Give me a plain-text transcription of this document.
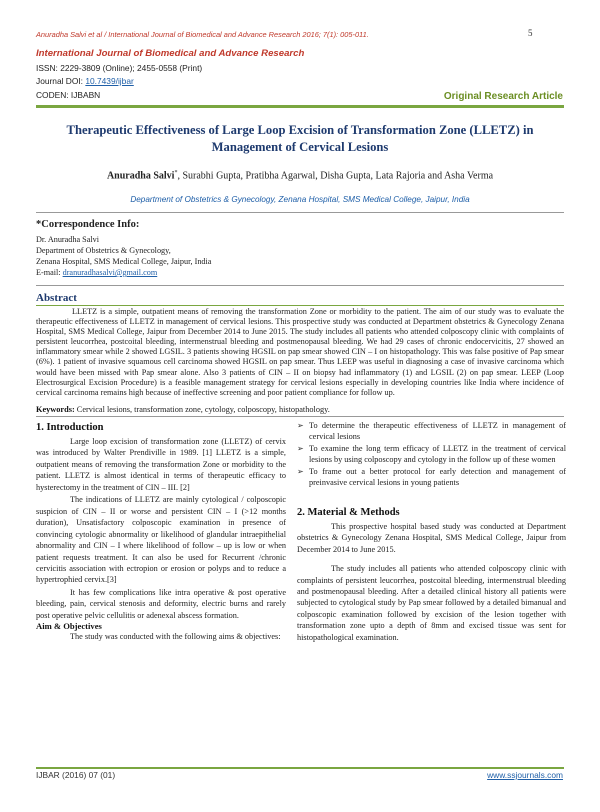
Anuradha Salvi et al / International Journal of Biomedical and Advance Research 2016; 7(1): 005-011.	5
International Journal of Biomedical and Advance Research
ISSN: 2229-3809 (Online); 2455-0558 (Print)
Journal DOI: 10.7439/ijbar
CODEN: IJBABN	Original Research Article
Therapeutic Effectiveness of Large Loop Excision of Transformation Zone (LLETZ) in Management of Cervical Lesions
Anuradha Salvi*, Surabhi Gupta, Pratibha Agarwal, Disha Gupta, Lata Rajoria and Asha Verma
Department of Obstetrics & Gynecology, Zenana Hospital, SMS Medical College, Jaipur, India
*Correspondence Info:
Dr. Anuradha Salvi
Department of Obstetrics & Gynecology,
Zenana Hospital, SMS Medical College, Jaipur, India
E-mail: dranuradhasalvi@gmail.com
Abstract
LLETZ is a simple, outpatient means of removing the transformation Zone or morbidity to the patient. The aim of our study was to evaluate the therapeutic effectiveness of LLETZ in management of cervical lesions. This prospective study was conducted at Department obstetrics & Gynecology Zenana Hospital, SMS Medical College, Jaipur from December 2014 to June 2015. The study includes all patients who attended colposcopy clinic with complaints of persistent leucorrhea, postcoital bleeding, intermenstrual bleeding and postmenopausal bleeding. We had 29 cases of chronic endocervicitis, 27 showed an inflammatory smear while 2 showed LGSIL. 3 patients showing HGSIL on pap smear showed CIN – I on histopathology. This was false positive of Pap smear (6%). 1 patient of invasive squamous cell carcinoma showed HGSIL on pap smear. Thus LEEP was useful in diagnosing a case of invasive carcinoma which would have been missed with Pap smear alone. Also 3 patients of CIN – II on biopsy had inflammatory (1) and LGSIL (2) on pap smear. LEEP (Loop Electrosurgical Excision Procedure) is a feasible management strategy for cervical lesions especially in developing countries like India where incidence of cervical carcinoma remains high because of ineffective screening and poor patient compliance for follow up.
Keywords: Cervical lesions, transformation zone, cytology, colposcopy, histopathology.
1. Introduction

Large loop excision of transformation zone (LLETZ) of cervix was introduced by Walter Prendiville in 1989. [1] LLETZ is a simple, outpatient means of removing the transformation Zone or morbidity to the patient. LLETZ is almost identical in terms of therapeutic efficacy to hysterectomy in the treatment of CIN – III. [2]

The indications of LLETZ are mainly cytological / colposcopic suspicion of CIN – II or worse and persistent CIN – I (>12 months duration), Unsatisfactory colposcopic examination in presence of convincing cytologic abnormality or likelihood of glandular intraepithelial abnormality and CIN – I where likelihood of follow – up is low or when patient requests treatment. It can also be used for Recurrent /chronic cervicitis association with ectropion or erosion or polyps and to reduce a hypertrophied cervix.[3]

It has few complications like intra operative & post operative bleeding, pain, cervical stenosis and deformity, electric burns and rarely post operative pelvic cellulitis or adenexal abscess formation.

Aim & Objectives

The study was conducted with the following aims & objectives:

➢ To determine the therapeutic effectiveness of LLETZ in management of cervical lesions
➢ To examine the long term efficacy of LLETZ in the treatment of cervical lesions by using colposcopy and cytology in the follow up of these women
➢ To frame out a better protocol for early detection and management of preinvasive cervical lesions in young patients
2. Material & Methods

This prospective hospital based study was conducted at Department obstetrics & Gynecology Zenana Hospital, SMS Medical College, Jaipur from December 2014 to June 2015.

The study includes all patients who attended colposcopy clinic with complaints of persistent leucorrhea, postcoital bleeding, intermenstrual bleeding and postmenopausal bleeding. After a detailed clinical history all patients were subjected to cytological study by Pap smear followed by a detailed bimanual and colposcopic examination followed by excision of the lesion together with transformation zone upto a depth of 8mm and excised tissue was sent for histopathological examination.

IJBAR (2016) 07 (01)	www.ssjournals.com
